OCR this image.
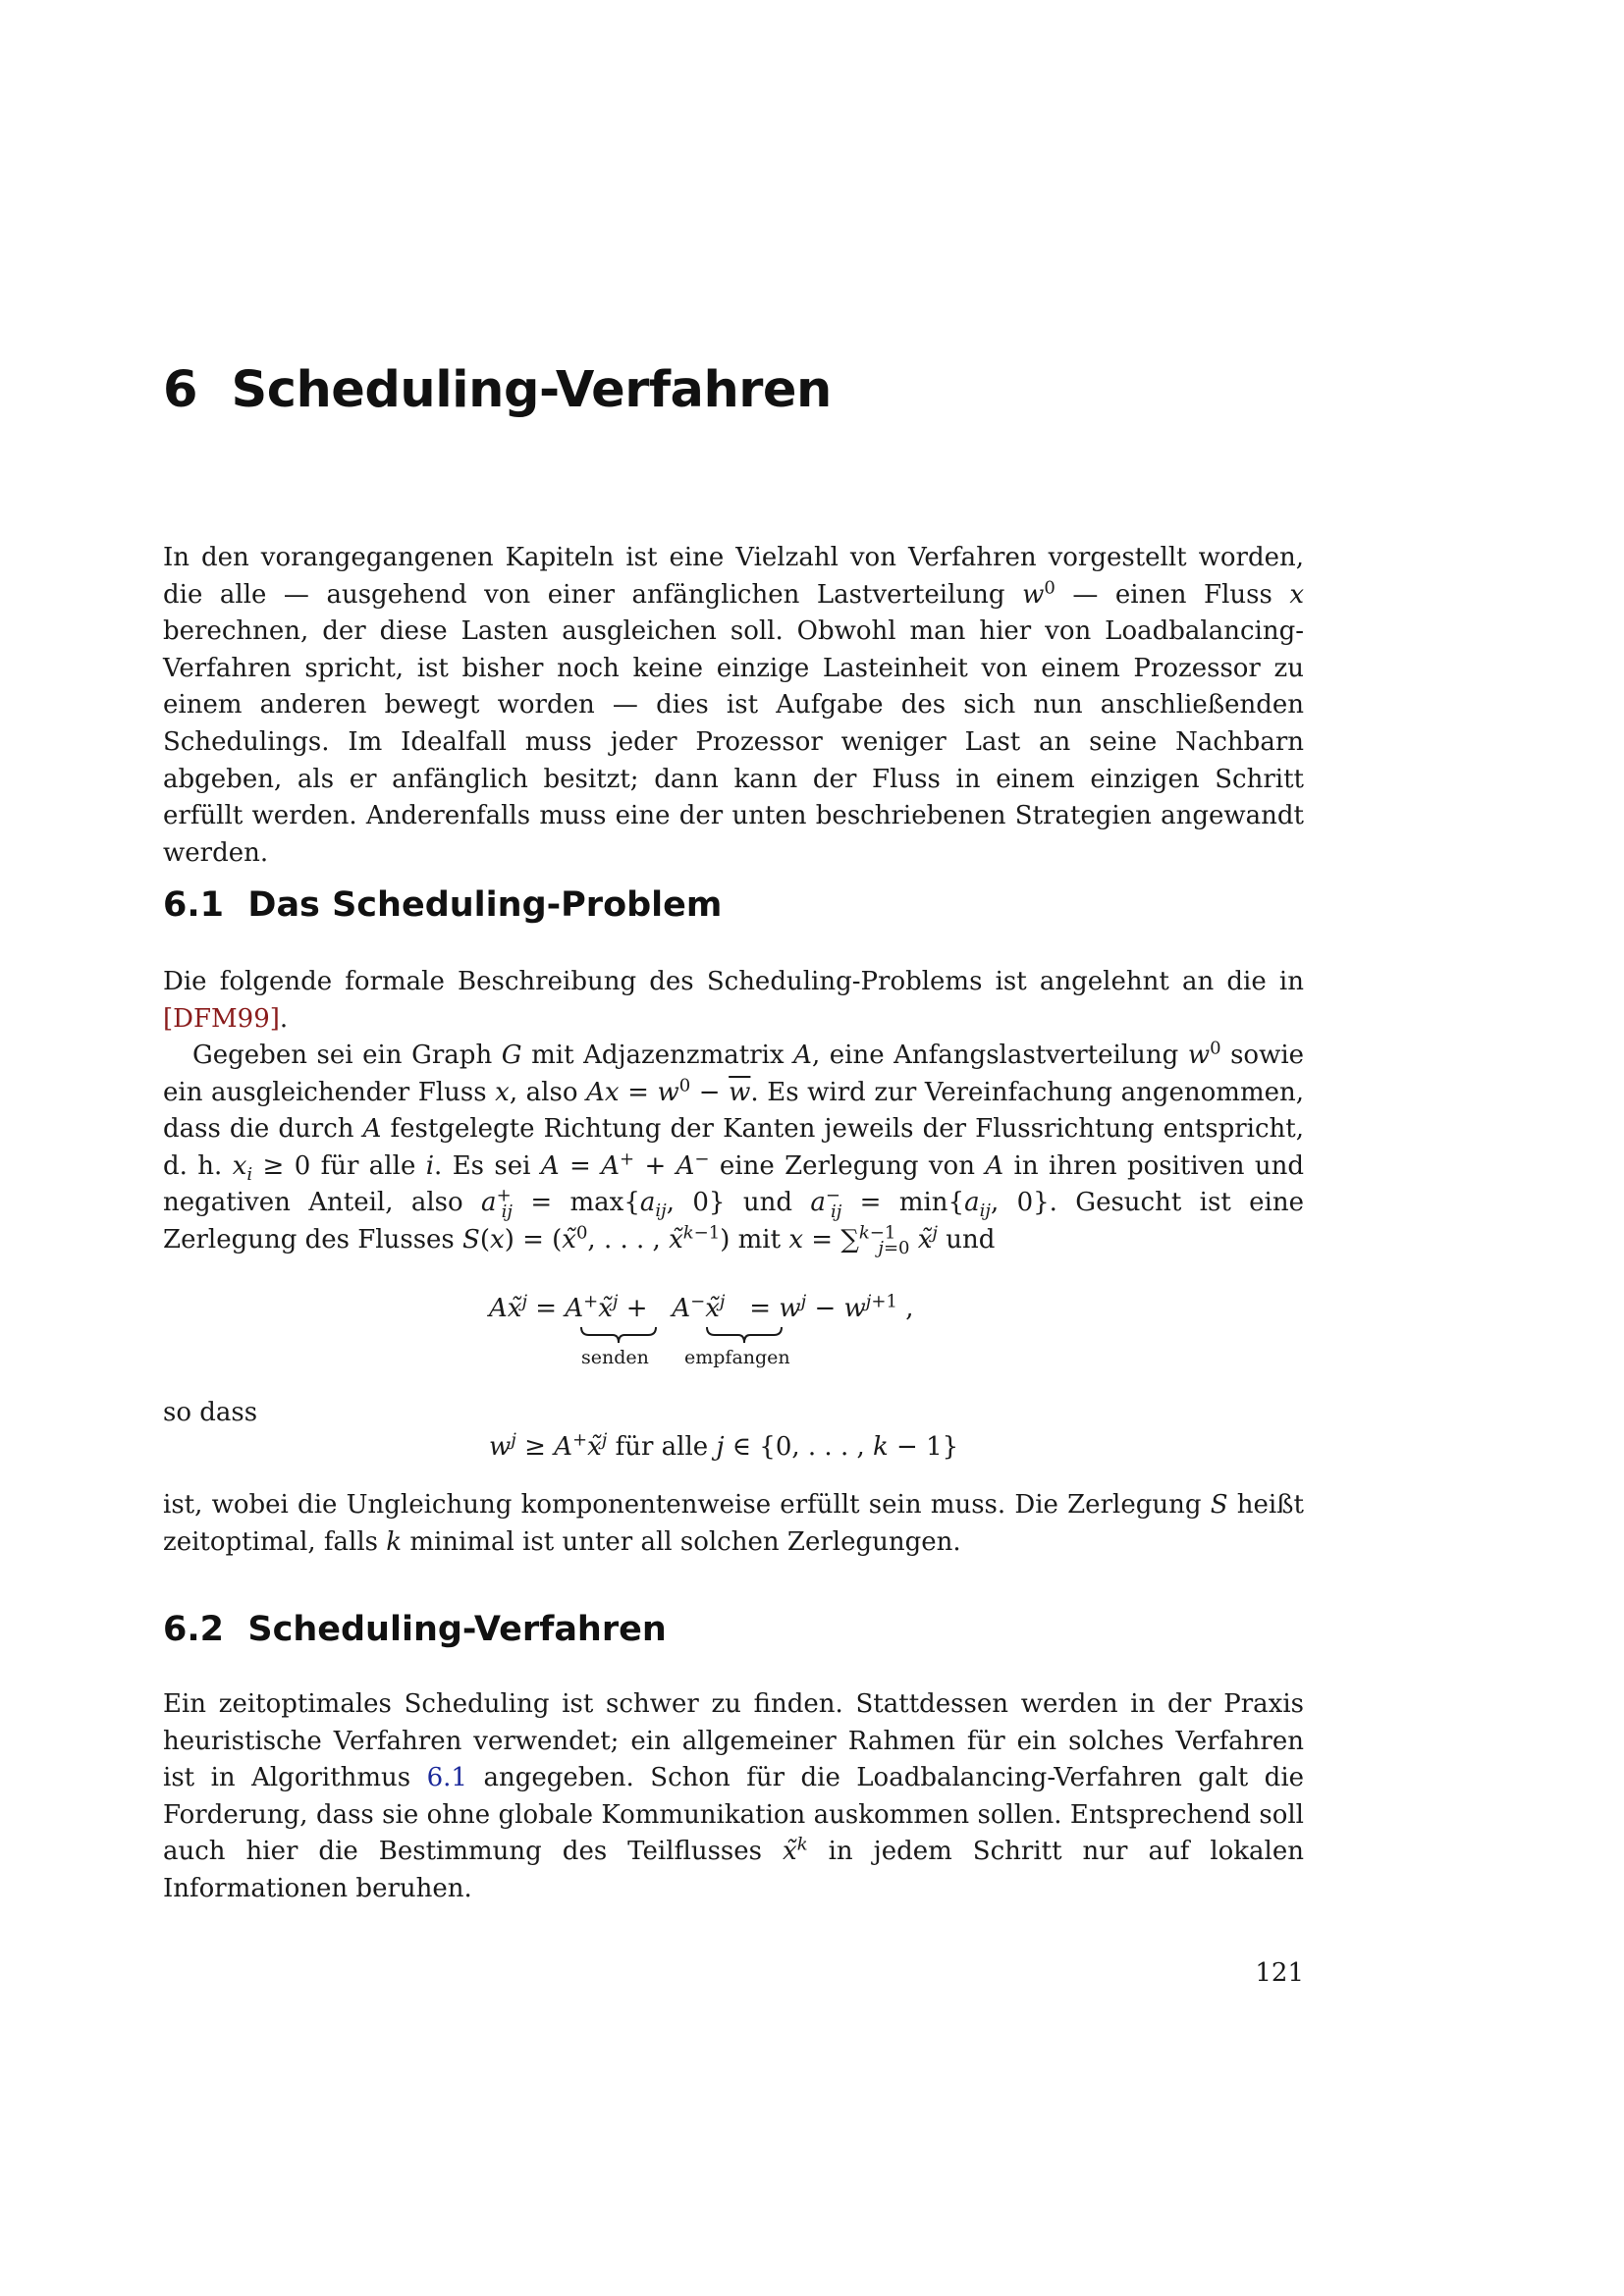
6 Scheduling-Verfahren

In den vorangegangenen Kapiteln ist eine Vielzahl von Verfahren vorgestellt worden, die alle — ausgehend von einer anfänglichen Lastverteilung $w^0$ — einen Fluss x berechnen, der diese Lasten ausgleichen soll. Obwohl man hier von Loadbalancing-Verfahren spricht, ist bisher noch keine einzige Lasteinheit von einem Prozessor zu einem anderen bewegt worden — dies ist Aufgabe des sich nun anschließenden Schedulings. Im Idealfall muss jeder Prozessor weniger Last an seine Nachbarn abgeben, als er anfänglich besitzt; dann kann der Fluss in einem einzigen Schritt erfüllt werden. Anderenfalls muss eine der unten beschriebenen Strategien angewandt werden.

6.1 Das Scheduling-Problem

Die folgende formale Beschreibung des Scheduling-Problems ist angelehnt an die in [DFM99].

Gegeben sei ein Graph G mit Adjazenzmatrix A, eine Anfangslastverteilung $w^0$ sowie ein ausgleichender Fluss x, also $Ax = w^0 - \overline{w}$. Es wird zur Vereinfachung angenommen, dass die durch A festgelegte Richtung der Kanten jeweils der Flussrichtung entspricht, d. h. $x_i \ge 0$ für alle i. Es sei A = A+ + A− eine Zerlegung von A in ihren positiven und negativen Anteil, also $a^+_{ij} = \max\{a_{ij}$, 0} und $a^-_{ij} = \min\{a_{ij}$, 0}. Gesucht ist eine Zerlegung des Flusses S(x) = (x̃$^0$, . . . , x̃$^{k-1}$) mit x = ∑$^{k-1}_{j=0}$ x̃$^j$ und

Ax̃$^j$ = A+x̃$^j$ +   A−x̃$^j$   = $w^j - w^{j+1}$ ,
senden empfangen

so dass

$w^j$ ≥ A+x̃$^j$ für alle j ∈ {0, . . . , k − 1}

ist, wobei die Ungleichung komponentenweise erfüllt sein muss. Die Zerlegung S heißt zeitoptimal, falls k minimal ist unter all solchen Zerlegungen.

6.2 Scheduling-Verfahren

Ein zeitoptimales Scheduling ist schwer zu finden. Stattdessen werden in der Praxis heuristische Verfahren verwendet; ein allgemeiner Rahmen für ein solches Verfahren ist in Algorithmus 6.1 angegeben. Schon für die Loadbalancing-Verfahren galt die Forderung, dass sie ohne globale Kommunikation auskommen sollen. Entsprechend soll auch hier die Bestimmung des Teilflusses x̃$^k$ in jedem Schritt nur auf lokalen Informationen beruhen.

121
